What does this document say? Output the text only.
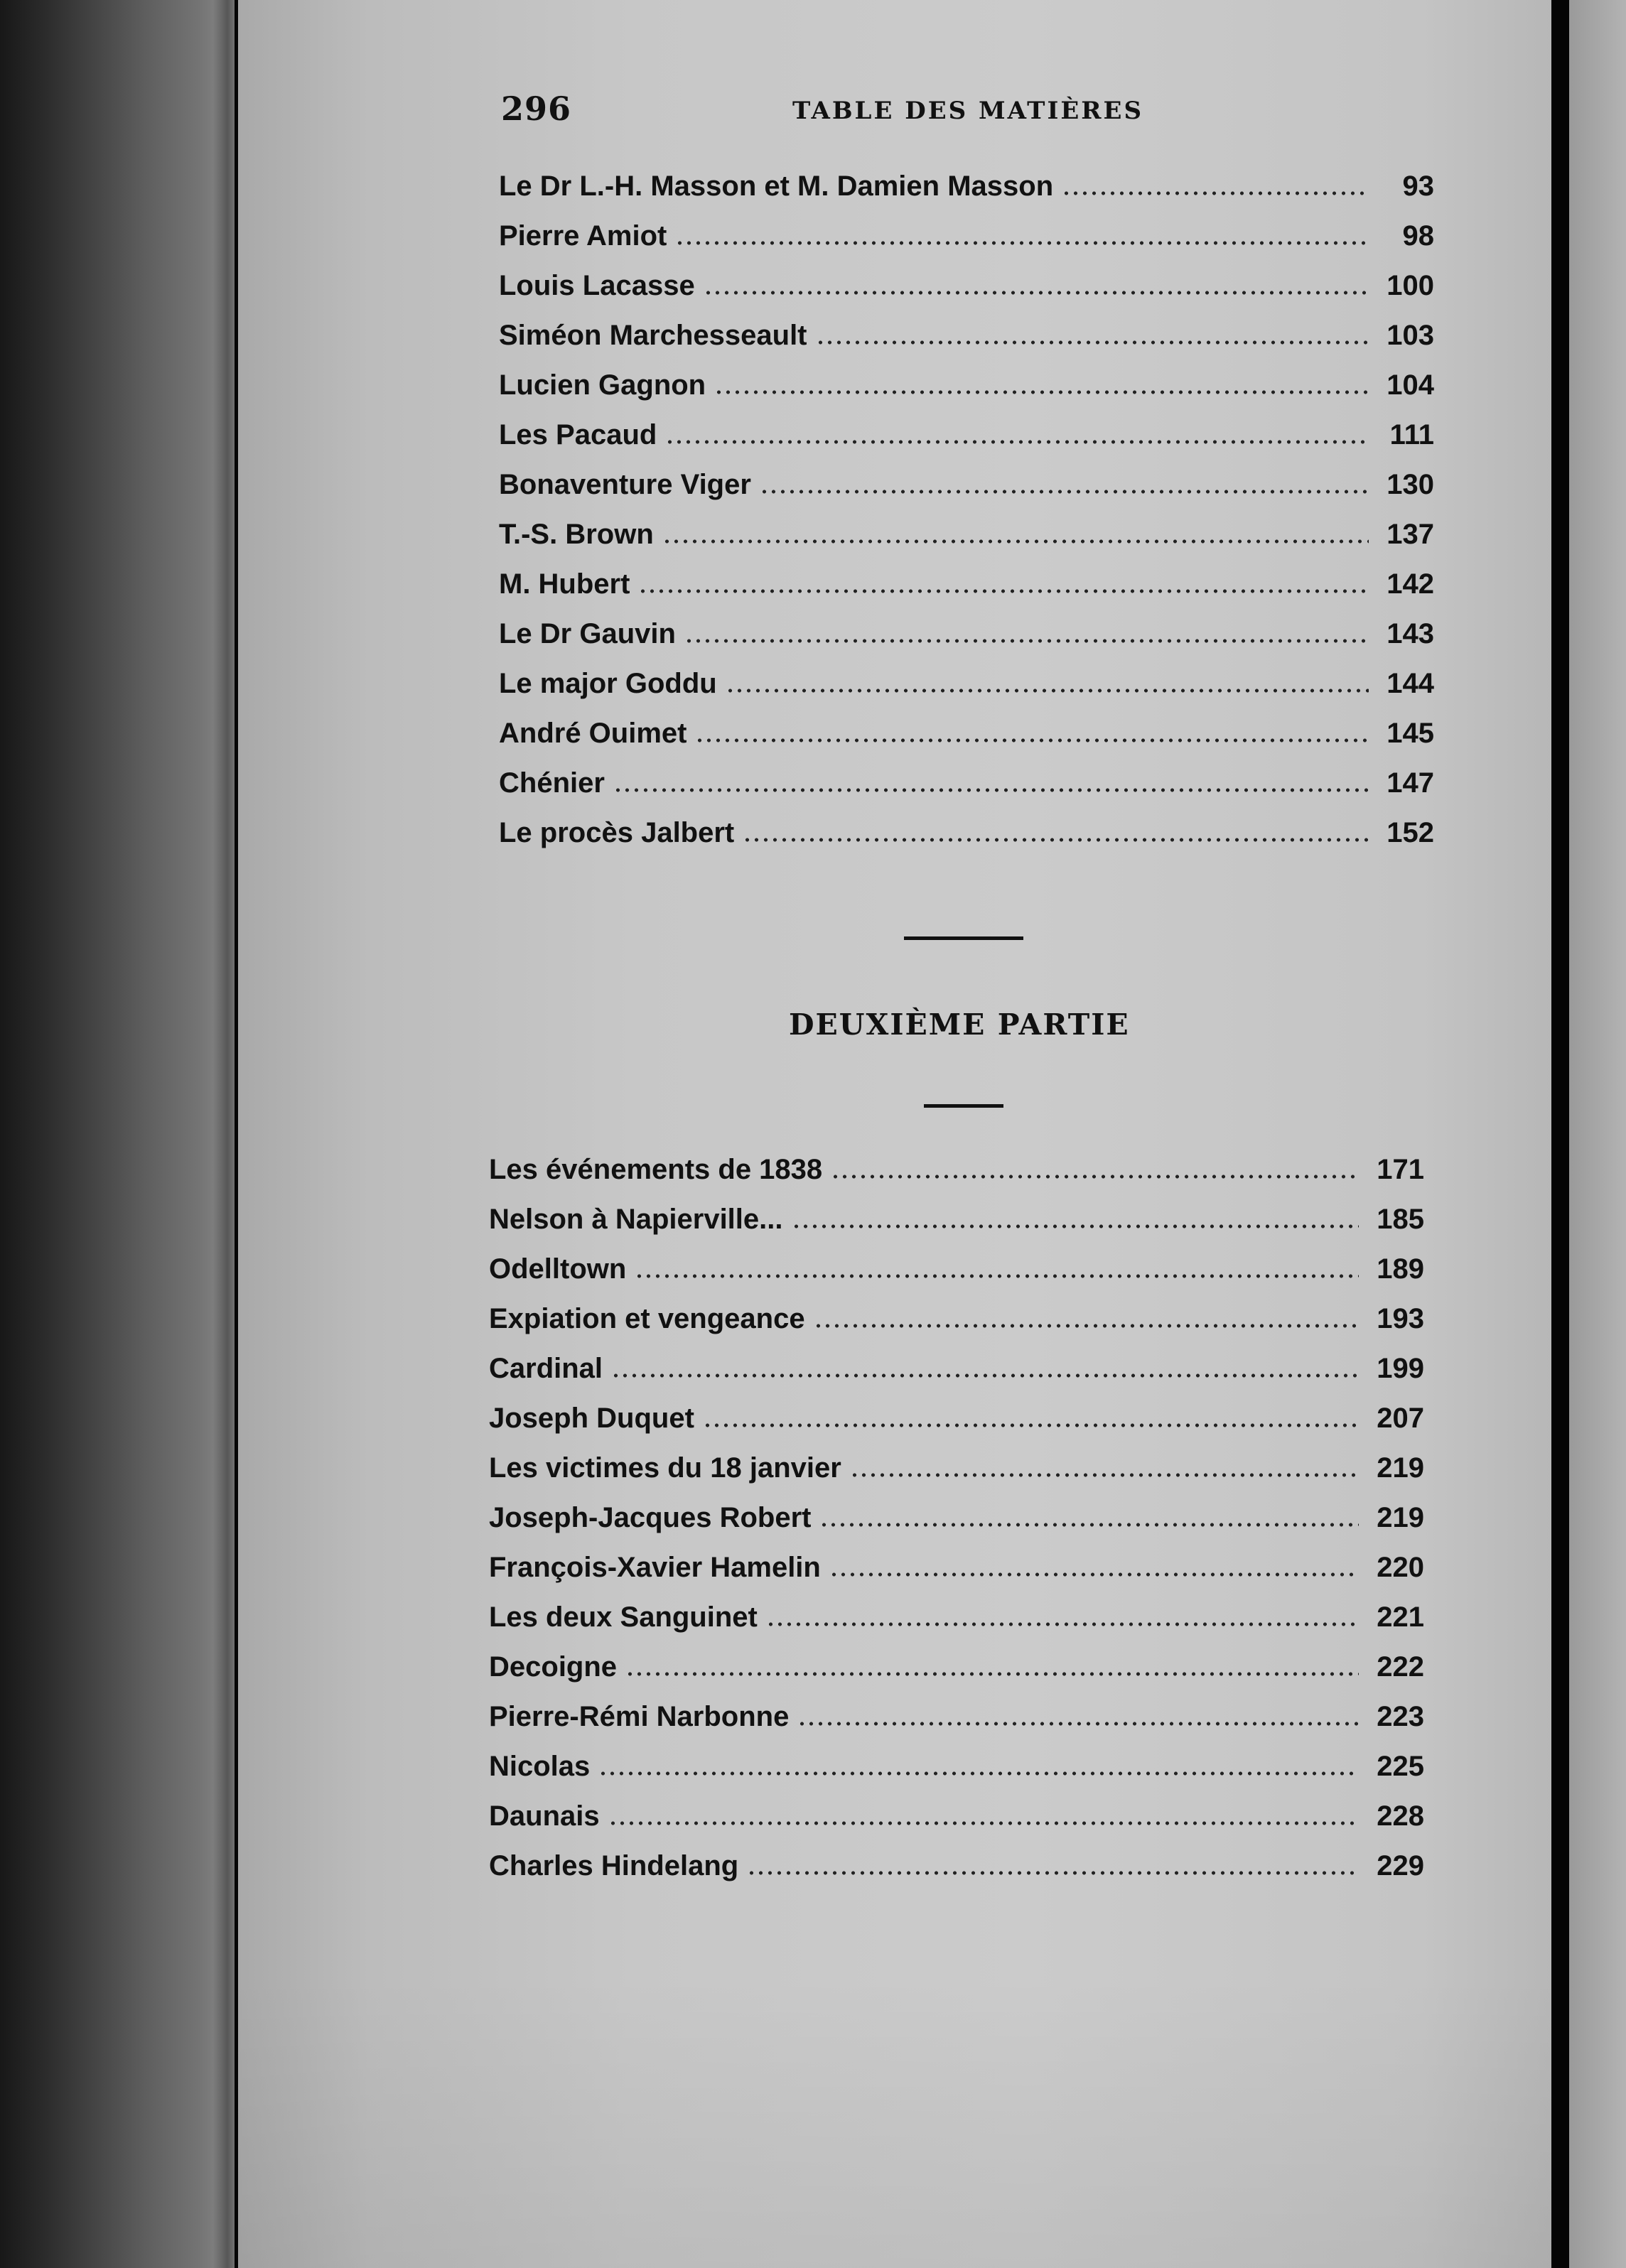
296	TABLE DES MATIÈRES
Le Dr L.-H. Masson et M. Damien Masson	93
Pierre Amiot	98
Louis Lacasse	100
Siméon Marchesseault	103
Lucien Gagnon	104
Les Pacaud	111
Bonaventure Viger	130
T.-S. Brown	137
M. Hubert	142
Le Dr Gauvin	143
Le major Goddu	144
André Ouimet	145
Chénier	147
Le procès Jalbert	152
DEUXIÈME PARTIE
Les événements de 1838	171
Nelson à Napierville...	185
Odelltown	189
Expiation et vengeance	193
Cardinal	199
Joseph Duquet	207
Les victimes du 18 janvier	219
Joseph-Jacques Robert	219
François-Xavier Hamelin	220
Les deux Sanguinet	221
Decoigne	222
Pierre-Rémi Narbonne	223
Nicolas	225
Daunais	228
Charles Hindelang	229
